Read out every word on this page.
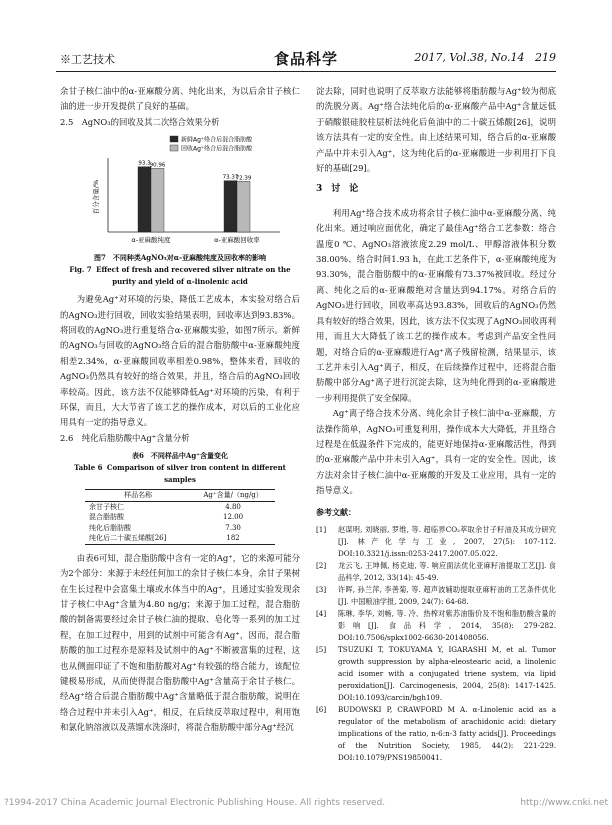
※工艺技术	食品科学	2017, Vol.38, No.14 219

余甘子核仁油中的α-亚麻酸分离、纯化出来，为以后余甘子核仁油的进一步开发提供了良好的基础。

2.5　AgNO₃的回收及其二次络合效果分析
百分含量/%
新鲜Ag⁺络合后混合脂肪酸
回收Ag⁺络合后混合脂肪酸
93.3 90.96
α-亚麻酸纯度
73.37
72.39
α-亚麻酸回收率
图7　不同种类AgNO₃对α-亚麻酸纯度及回收率的影响
Fig. 7 Effect of fresh and recovered silver nitrate on the purity and yield of α-linolenic acid

为避免Ag⁺对环境的污染，降低工艺成本，本实验对络合后的AgNO₃进行回收，回收实验结果表明，回收率达到93.83%。将回收的AgNO₃进行重复络合α-亚麻酸实验，如图7所示。新鲜的AgNO₃与回收的AgNO₃络合后的混合脂肪酸中α-亚麻酸纯度相差2.34%，α-亚麻酸回收率相差0.98%，整体来看，回收的AgNO₃仍然具有较好的络合效果，并且，络合后的AgNO₃回收率较高。因此，该方法不仅能够降低Ag⁺对环境的污染，有利于环保，而且，大大节省了该工艺的操作成本，对以后的工业化应用具有一定的指导意义。

2.6　纯化后脂肪酸中Ag⁺含量分析
表6　不同样品中Ag⁺含量变化
Table 6 Comparison of silver iron content in different samples
样品名称	Ag⁺含量/（ng/g）
余甘子核仁	4.80
混合脂肪酸	12.00
纯化后脂肪酸	7.30
纯化后二十碳五烯酸[26]	182

由表6可知，混合脂肪酸中含有一定的Ag⁺，它的来源可能分为2个部分：来源于未经任何加工的余甘子核仁本身，余甘子果树在生长过程中会富集土壤或水体当中的Ag⁺，且通过实验发现余甘子核仁中Ag⁺含量为4.80 ng/g；来源于加工过程，混合脂肪酸的制备需要经过余甘子核仁油的提取、皂化等一系列的加工过程，在加工过程中，用到的试剂中可能含有Ag⁺，因而，混合脂肪酸的加工过程亦是原料及试剂中的Ag⁺不断被富集的过程，这也从侧面印证了不饱和脂肪酸对Ag⁺有较强的络合能力，该配位键极易形成，从而使得混合脂肪酸中Ag⁺含量高于余甘子核仁。经Ag⁺络合后混合脂肪酸中Ag⁺含量略低于混合脂肪酸，说明在络合过程中并未引入Ag⁺，相反，在后续反萃取过程中，利用饱和氯化钠溶液以及蒸馏水洗涤时，将混合脂肪酸中部分Ag⁺经沉

淀去除，同时也说明了反萃取方法能够将脂肪酸与Ag⁺较为彻底的洗脱分离。Ag⁺络合法纯化后的α-亚麻酸产品中Ag⁺含量远低于硝酸银硅胶柱层析法纯化后鱼油中的二十碳五烯酸[26]，说明该方法具有一定的安全性。由上述结果可知，络合后的α-亚麻酸产品中并未引入Ag⁺，这为纯化后的α-亚麻酸进一步利用打下良好的基础[29]。

3　讨　论

利用Ag⁺络合技术成功将余甘子核仁油中α-亚麻酸分离、纯化出来。通过响应面优化，确定了最佳Ag⁺络合工艺参数：络合温度0 ℃、AgNO₃溶液浓度2.29 mol/L、甲醇溶液体积分数38.00%、络合时间1.93 h，在此工艺条件下，α-亚麻酸纯度为93.30%，混合脂肪酸中的α-亚麻酸有73.37%被回收。经过分离、纯化之后的α-亚麻酸绝对含量达到94.17%。对络合后的AgNO₃进行回收，回收率高达93.83%，回收后的AgNO₃仍然具有较好的络合效果，因此，该方法不仅实现了AgNO₃回收再利用，而且大大降低了该工艺的操作成本。考虑到产品安全性问题，对络合后的α-亚麻酸进行Ag⁺离子残留检测，结果显示，该工艺并未引入Ag⁺离子，相反，在后续操作过程中，还将混合脂肪酸中部分Ag⁺离子进行沉淀去除，这为纯化得到的α-亚麻酸进一步利用提供了安全保障。

Ag⁺离子络合技术分离、纯化余甘子核仁油中α-亚麻酸，方法操作简单，AgNO₃可重复利用，操作成本大大降低，并且络合过程是在低温条件下完成的，能更好地保持α-亚麻酸活性，得到的α-亚麻酸产品中并未引入Ag⁺，具有一定的安全性。因此，该方法对余甘子核仁油中α-亚麻酸的开发及工业应用，具有一定的指导意义。

参考文献：
[1] 赵谋明, 刘晓丽, 罗维, 等. 超临界CO₂萃取余甘子籽油及其成分研究[J]. 林产化学与工业, 2007, 27(5): 107-112. DOI:10.3321/j.issn:0253-2417.2007.05.022.
[2] 龙云飞, 王坤佩, 杨克迪, 等. 响应面法优化亚麻籽油提取工艺[J]. 食品科学, 2012, 33(14): 45-49.
[3] 许晖, 孙兰萍, 李善菊, 等. 超声波辅助提取亚麻籽油的工艺条件优化[J]. 中国粮油学报, 2009, 24(7): 64-68.
[4] 陈琳, 李华, 刘畅, 等. 冷、热榨对紫苏油脂价及不饱和脂肪酸含量的影响[J]. 食品科学, 2014, 35(8): 279-282. DOI:10.7506/spkx1002-6630-201408056.
[5] TSUZUKI T, TOKUYAMA Y, IGARASHI M, et al. Tumor growth suppression by alpha-eleostearic acid, a linolenic acid isomer with a conjugated triene system, via lipid peroxidation[J]. Carcinogenesis, 2004, 25(8): 1417-1425. DOI:10.1093/carcin/bgh109.
[6] BUDOWSKI P, CRAWFORD M A. α-Linolenic acid as a regulator of the metabolism of arachidonic acid: dietary implications of the ratio, n-6:n-3 fatty acids[J]. Proceedings of the Nutrition Society, 1985, 44(2): 221-229. DOI:10.1079/PNS19850041.
?1994-2017 China Academic Journal Electronic Publishing House. All rights reserved.	http://www.cnki.net
